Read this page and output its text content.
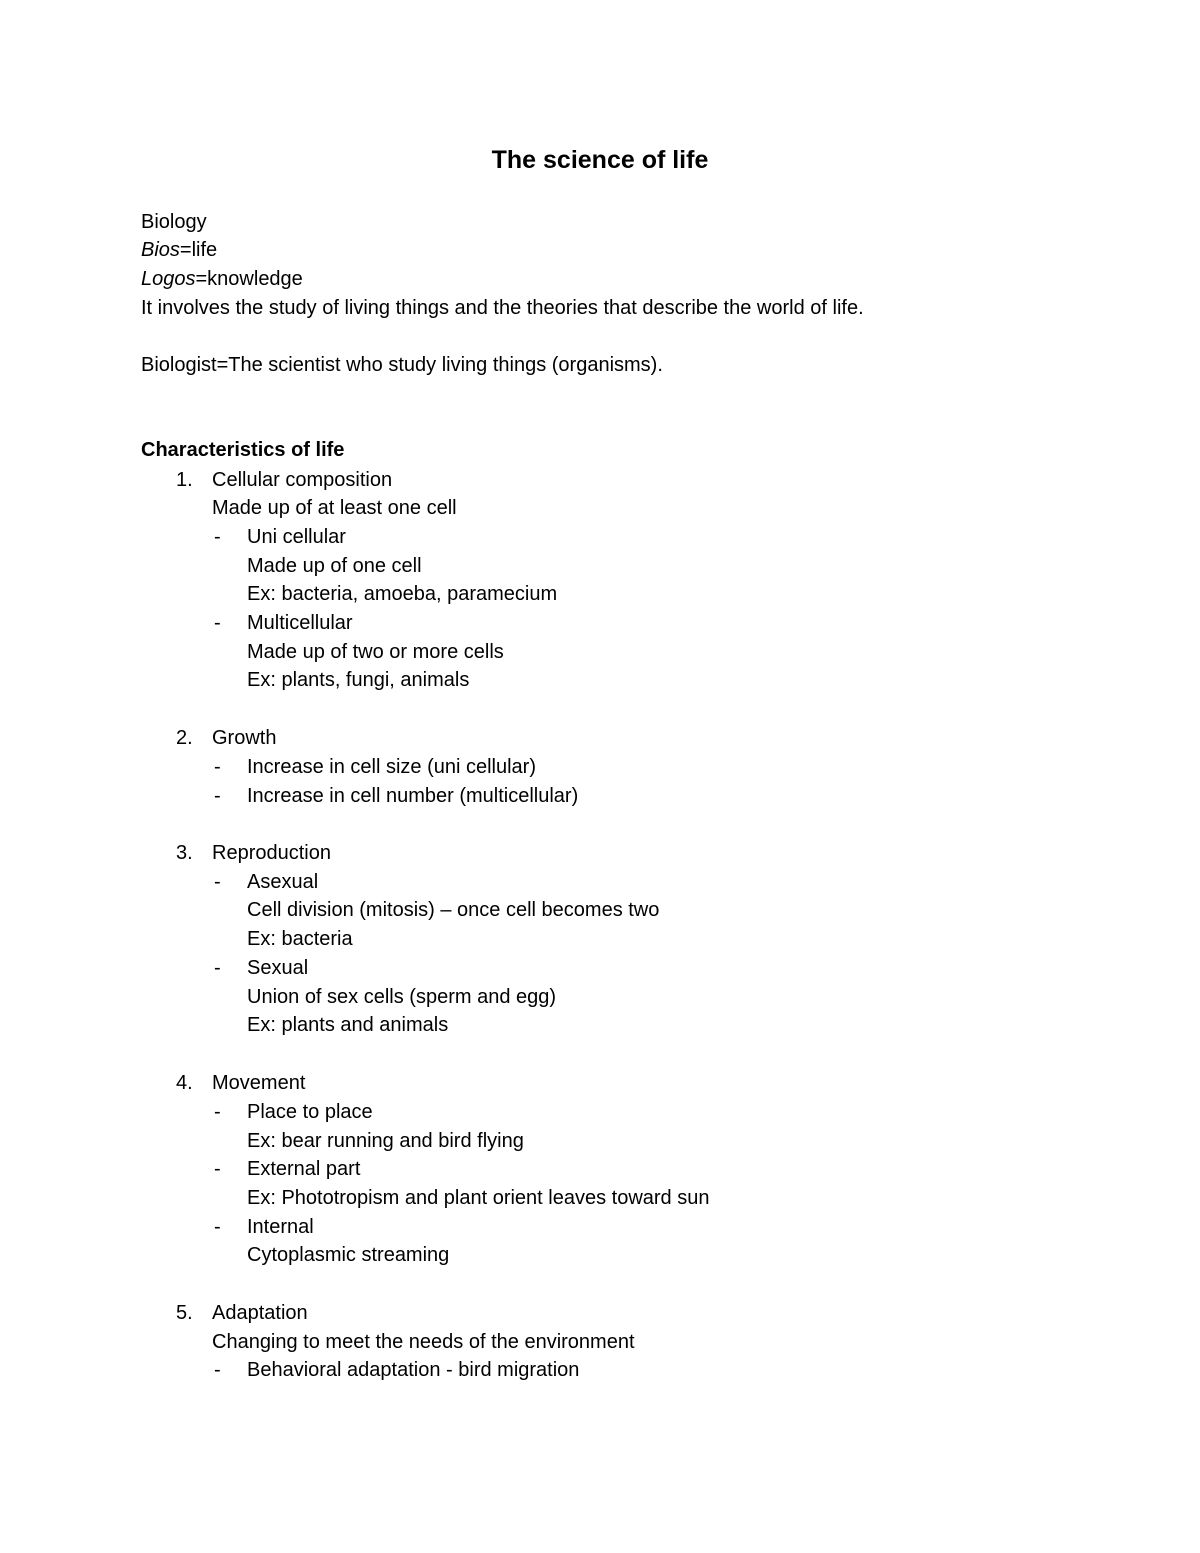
The science of life
Biology
Bios=life
Logos=knowledge
It involves the study of living things and the theories that describe the world of life.
Biologist=The scientist who study living things (organisms).
Characteristics of life
1. Cellular composition
Made up of at least one cell
- Uni cellular
Made up of one cell
Ex: bacteria, amoeba, paramecium
- Multicellular
Made up of two or more cells
Ex: plants, fungi, animals
2. Growth
- Increase in cell size (uni cellular)
- Increase in cell number (multicellular)
3. Reproduction
- Asexual
Cell division (mitosis) – once cell becomes two
Ex: bacteria
- Sexual
Union of sex cells (sperm and egg)
Ex: plants and animals
4. Movement
- Place to place
Ex: bear running and bird flying
- External part
Ex: Phototropism and plant orient leaves toward sun
- Internal
Cytoplasmic streaming
5. Adaptation
Changing to meet the needs of the environment
- Behavioral adaptation - bird migration
